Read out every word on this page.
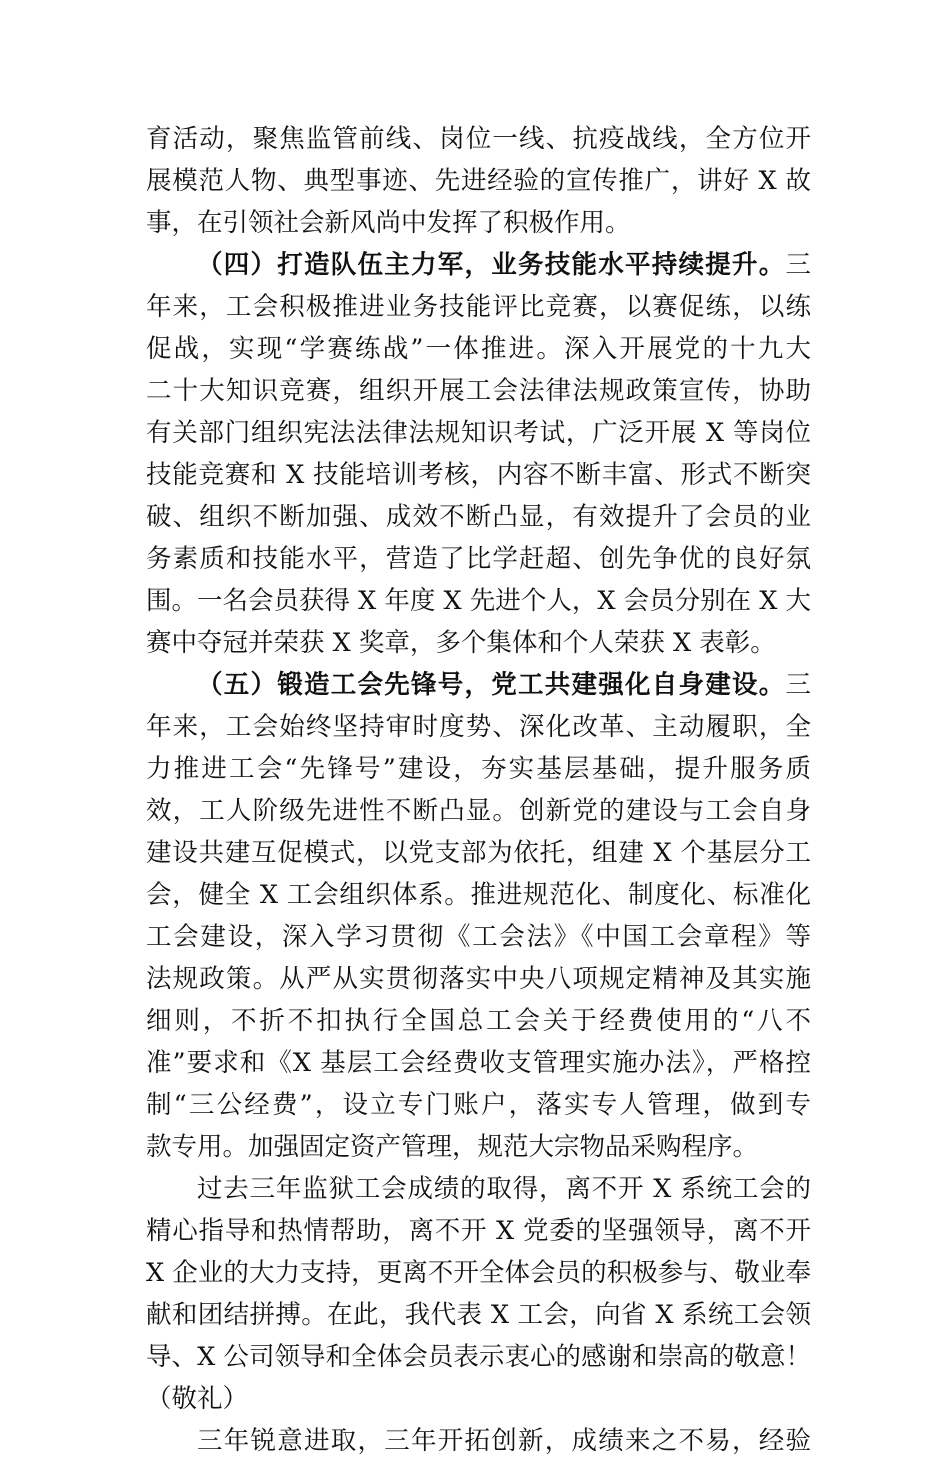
育活动，聚焦监管前线、岗位一线、抗疫战线，全方位开
展模范人物、典型事迹、先进经验的宣传推广，讲好 X 故
事，在引领社会新风尚中发挥了积极作用。
（四）打造队伍主力军，业务技能水平持续提升。三
年来，工会积极推进业务技能评比竞赛，以赛促练，以练
促战，实现“学赛练战”一体推进。深入开展党的十九大
二十大知识竞赛，组织开展工会法律法规政策宣传，协助
有关部门组织宪法法律法规知识考试，广泛开展 X 等岗位
技能竞赛和 X 技能培训考核，内容不断丰富、形式不断突
破、组织不断加强、成效不断凸显，有效提升了会员的业
务素质和技能水平，营造了比学赶超、创先争优的良好氛
围。一名会员获得 X 年度 X 先进个人，X 会员分别在 X 大
赛中夺冠并荣获 X 奖章，多个集体和个人荣获 X 表彰。
（五）锻造工会先锋号，党工共建强化自身建设。三
年来，工会始终坚持审时度势、深化改革、主动履职，全
力推进工会“先锋号”建设，夯实基层基础，提升服务质
效，工人阶级先进性不断凸显。创新党的建设与工会自身
建设共建互促模式，以党支部为依托，组建 X 个基层分工
会，健全 X 工会组织体系。推进规范化、制度化、标准化
工会建设，深入学习贯彻《工会法》《中国工会章程》等
法规政策。从严从实贯彻落实中央八项规定精神及其实施
细则，不折不扣执行全国总工会关于经费使用的“八不
准”要求和《X 基层工会经费收支管理实施办法》，严格控
制“三公经费”，设立专门账户，落实专人管理，做到专
款专用。加强固定资产管理，规范大宗物品采购程序。
过去三年监狱工会成绩的取得，离不开 X 系统工会的
精心指导和热情帮助，离不开 X 党委的坚强领导，离不开
X 企业的大力支持，更离不开全体会员的积极参与、敬业奉
献和团结拼搏。在此，我代表 X 工会，向省 X 系统工会领
导、X 公司领导和全体会员表示衷心的感谢和崇高的敬意！
（敬礼）
三年锐意进取，三年开拓创新，成绩来之不易，经验
